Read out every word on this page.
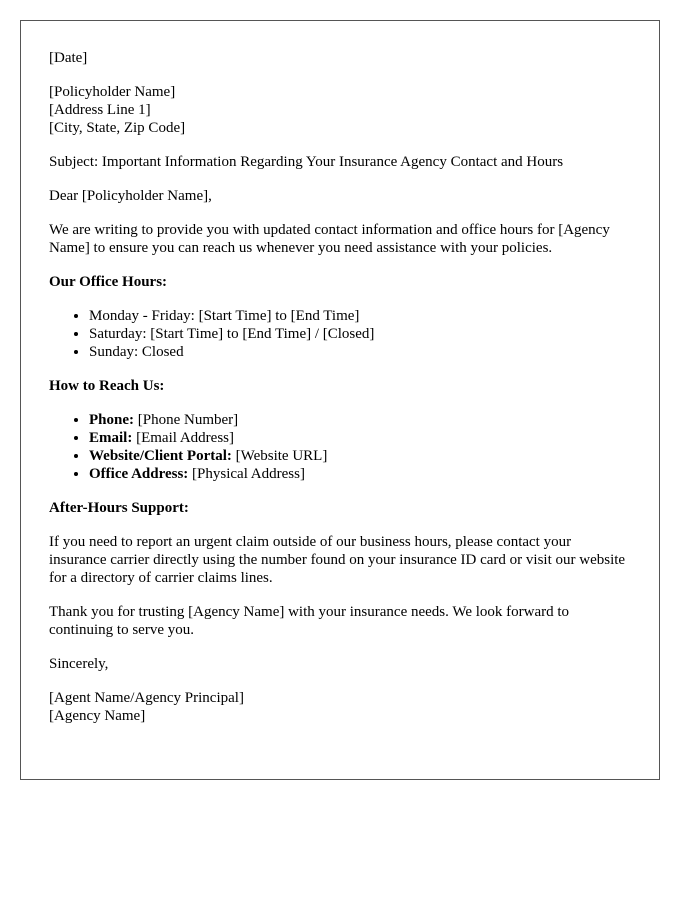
[Date]

[Policyholder Name]
[Address Line 1]
[City, State, Zip Code]

Subject: Important Information Regarding Your Insurance Agency Contact and Hours

Dear [Policyholder Name],

We are writing to provide you with updated contact information and office hours for [Agency Name] to ensure you can reach us whenever you need assistance with your policies.

Our Office Hours:
• Monday - Friday: [Start Time] to [End Time]
• Saturday: [Start Time] to [End Time] / [Closed]
• Sunday: Closed
How to Reach Us:
• Phone: [Phone Number]
• Email: [Email Address]
• Website/Client Portal: [Website URL]
• Office Address: [Physical Address]
After-Hours Support:

If you need to report an urgent claim outside of our business hours, please contact your insurance carrier directly using the number found on your insurance ID card or visit our website for a directory of carrier claims lines.

Thank you for trusting [Agency Name] with your insurance needs. We look forward to continuing to serve you.

Sincerely,

[Agent Name/Agency Principal]
[Agency Name]
